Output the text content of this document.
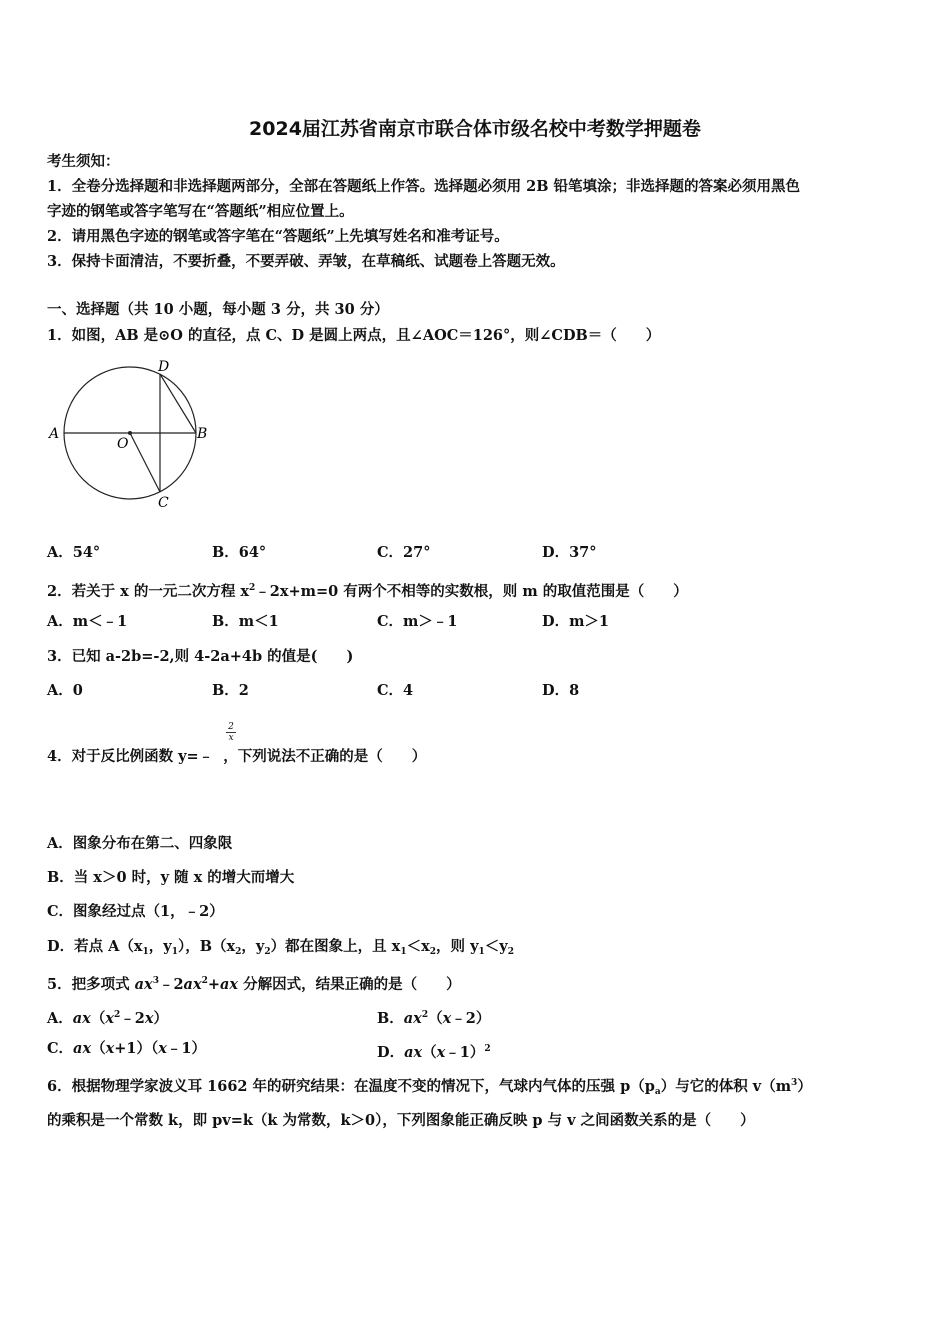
2024届江苏省南京市联合体市级名校中考数学押题卷
考生须知：
1．全卷分选择题和非选择题两部分，全部在答题纸上作答。选择题必须用 2B 铅笔填涂；非选择题的答案必须用黑色
字迹的钢笔或答字笔写在“答题纸”相应位置上。
2．请用黑色字迹的钢笔或答字笔在“答题纸”上先填写姓名和准考证号。
3．保持卡面清洁，不要折叠，不要弄破、弄皱，在草稿纸、试题卷上答题无效。
一、选择题（共 10 小题，每小题 3 分，共 30 分）
1．如图，AB 是⊙O 的直径，点 C、D 是圆上两点，且∠AOC＝126°，则∠CDB＝（　　）
A	B
C
D
O
A．54°	B．64°	C．27°	D．37°
2．若关于 x 的一元二次方程 $x^2﹣2x+m=0$ 有两个不相等的实数根，则 m 的取值范围是（　　）
A．m＜﹣1	B．m＜1	C．m＞﹣1	D．m＞1
3．已知 a-2b=-2,则 4-2a+4b 的值是(　　)
A．0	B．2	C．4	D．8
4．对于反比例函数 y=﹣ ，下列说法不正确的是（　　）
$\frac{2}{x}$
A．图象分布在第二、四象限
B．当 x＞0 时，y 随 x 的增大而增大
C．图象经过点（1，﹣2）
D．若点 $A(x_1$，$y_1$），$B(x_2$，$y_2$）都在图象上，且 $x_1<x_2$，则 $y_1<y_2$
5．把多项式 $ax^3﹣2ax^2+ax$ 分解因式，结果正确的是（　　）
A．$ax(x^2﹣2x)$	B．$ax^2(x﹣2)$
C．ax（x+1）（x﹣1）	D．ax（x﹣1）$^2$
6．根据物理学家波义耳 1662 年的研究结果：在温度不变的情况下，气球内气体的压强 $p(p_a)$与它的体积 $v(m^3)$
的乘积是一个常数 k，即 pv=k（k 为常数，k＞0），下列图象能正确反映 p 与 v 之间函数关系的是（　　）
